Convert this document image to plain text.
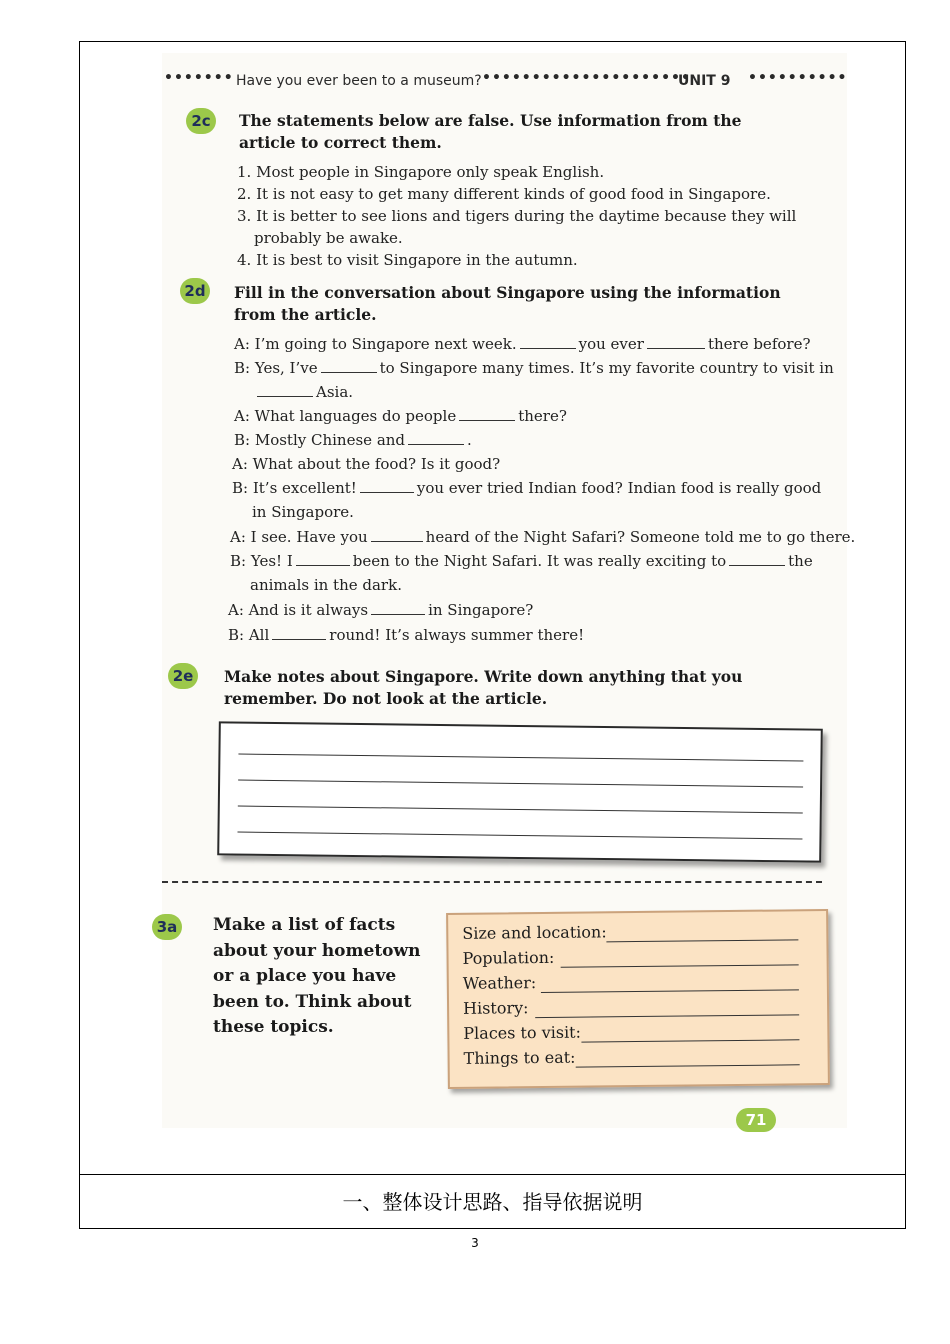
••••••• Have you ever been to a museum? •••••••••••••••••••••
UNIT 9 ••••••••••
2c	The statements below are false. Use information from the article to correct them.
1. Most people in Singapore only speak English.
2. It is not easy to get many different kinds of good food in Singapore.
3. It is better to see lions and tigers during the daytime because they will
probably be awake.
4. It is best to visit Singapore in the autumn.
2d Fill in the conversation about Singapore using the information from the article.
A: I’m going to Singapore next week.	you ever	there before?
B: Yes, I’ve	to Singapore many times. It’s my favorite country to visit in
Asia.
A: What languages do people	there?
B: Mostly Chinese and	.
A: What about the food? Is it good?
B: It’s excellent!	you ever tried Indian food? Indian food is really good
in Singapore.
A: I see. Have you	heard of the Night Safari? Someone told me to go there.
B: Yes! I	been to the Night Safari. It was really exciting to	the
animals in the dark.
A: And is it always	in Singapore?
B: All	round! It’s always summer there!
2e	Make notes about Singapore. Write down anything that you remember. Do not look at the article.
3a Make a list of facts
about your hometown
or a place you have
been to. Think about
these topics.
Size and location:
Population:
Weather:
History:
Places to visit:
Things to eat:
71
一、整体设计思路、指导依据说明
3
